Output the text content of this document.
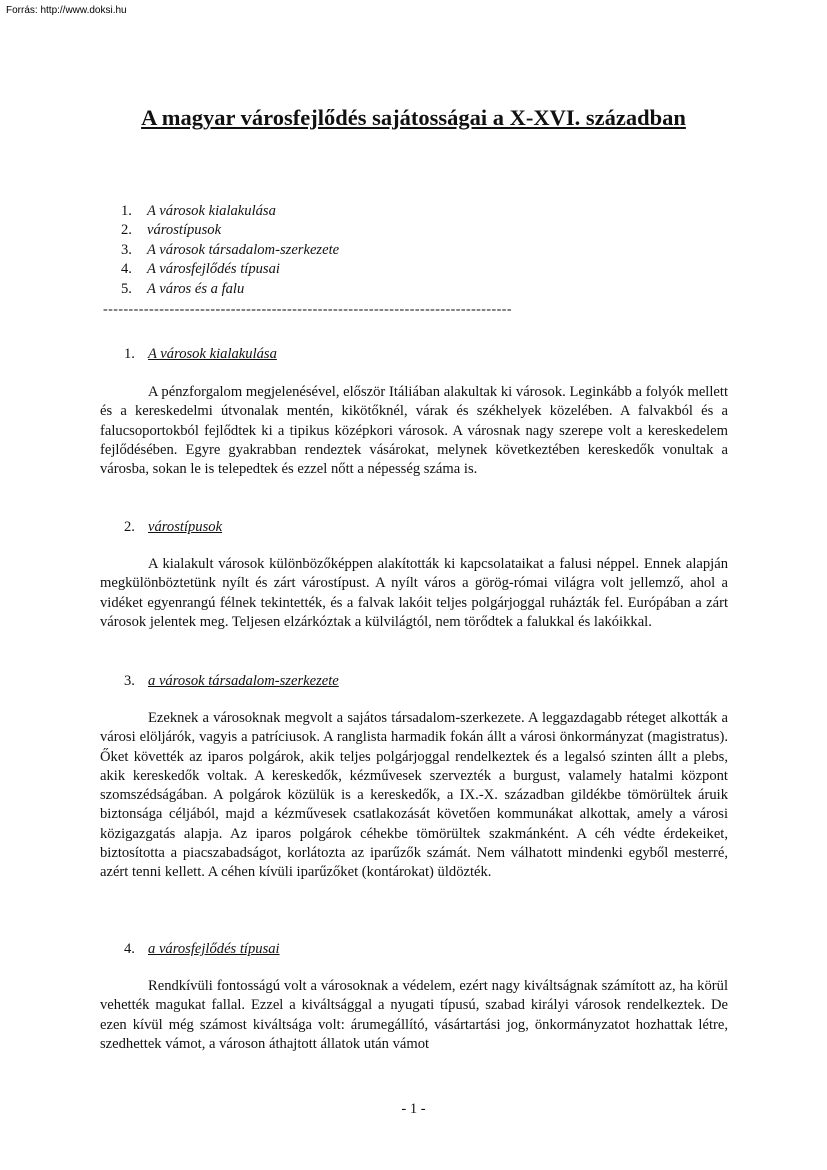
Forrás: http://www.doksi.hu
A magyar városfejlődés sajátosságai a X-XVI. században
1.	A városok kialakulása
2.	várostípusok
3.	A városok társadalom-szerkezete
4.	A városfejlődés típusai
5.	A város és a falu
--------------------------------------------------------------------------------
1. A városok kialakulása

A pénzforgalom megjelenésével, először Itáliában alakultak ki városok. Leginkább a folyók mellett és a kereskedelmi útvonalak mentén, kikötőknél, várak és székhelyek közelében. A falvakból és a falucsoportokból fejlődtek ki a tipikus középkori városok. A városnak nagy szerepe volt a kereskedelem fejlődésében. Egyre gyakrabban rendeztek vásárokat, melynek következtében kereskedők vonultak a városba, sokan le is telepedtek és ezzel nőtt a népesség száma is.

2. várostípusok

A kialakult városok különbözőképpen alakították ki kapcsolataikat a falusi néppel. Ennek alapján megkülönböztetünk nyílt és zárt várostípust. A nyílt város a görög-római világra volt jellemző, ahol a vidéket egyenrangú félnek tekintették, és a falvak lakóit teljes polgárjoggal ruházták fel. Európában a zárt városok jelentek meg. Teljesen elzárkóztak a külvilágtól, nem törődtek a falukkal és lakóikkal.

3. a városok társadalom-szerkezete

Ezeknek a városoknak megvolt a sajátos társadalom-szerkezete. A leggazdagabb réteget alkották a városi elöljárók, vagyis a patríciusok. A ranglista harmadik fokán állt a városi önkormányzat (magistratus). Őket követték az iparos polgárok, akik teljes polgárjoggal rendelkeztek és a legalsó szinten állt a plebs, akik kereskedők voltak. A kereskedők, kézművesek szervezték a burgust, valamely hatalmi központ szomszédságában. A polgárok közülük is a kereskedők, a IX.-X. században gildékbe tömörültek áruik biztonsága céljából, majd a kézművesek csatlakozását követően kommunákat alkottak, amely a városi közigazgatás alapja. Az iparos polgárok céhekbe tömörültek szakmánként. A céh védte érdekeiket, biztosította a piacszabadságot, korlátozta az iparűzők számát. Nem válhatott mindenki egyből mesterré, azért tenni kellett. A céhen kívüli iparűzőket (kontárokat) üldözték.

4. a városfejlődés típusai

Rendkívüli fontosságú volt a városoknak a védelem, ezért nagy kiváltságnak számított az, ha körül vehették magukat fallal. Ezzel a kiváltsággal a nyugati típusú, szabad királyi városok rendelkeztek. De ezen kívül még számost kiváltsága volt: árumegállító, vásártartási jog, önkormányzatot hozhattak létre, szedhettek vámot, a városon áthajtott állatok után vámot

- 1 -
